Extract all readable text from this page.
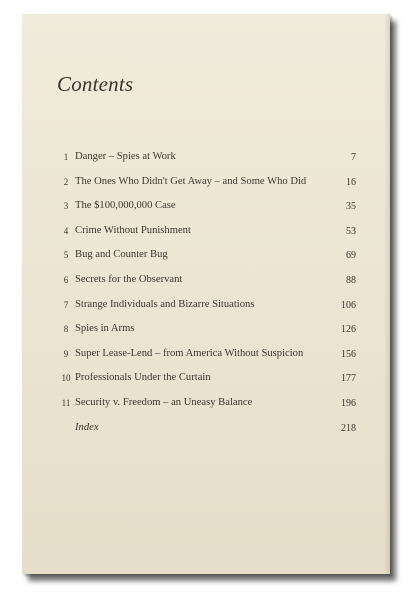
Contents
1 Danger – Spies at Work	7
2 The Ones Who Didn't Get Away – and Some Who Did	16
3 The $100,000,000 Case	35
4 Crime Without Punishment	53
5 Bug and Counter Bug	69
6 Secrets for the Observant	88
7 Strange Individuals and Bizarre Situations	106
8 Spies in Arms	126
9 Super Lease-Lend – from America Without Suspicion	156
10 Professionals Under the Curtain	177
11 Security v. Freedom – an Uneasy Balance	196
Index	218
